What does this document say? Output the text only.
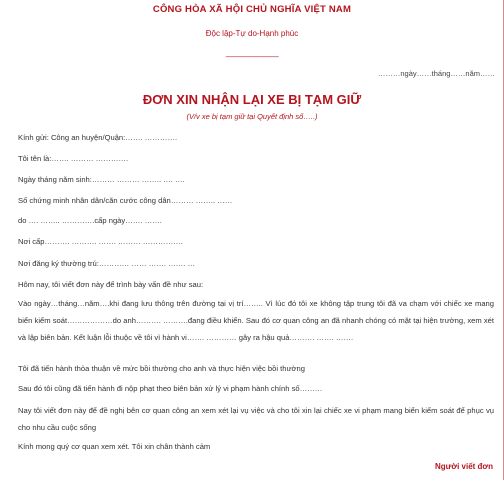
CÔNG HÒA XÃ HỘI CHỦ NGHĨA VIỆT NAM
Độc lập-Tự do-Hạnh phúc
———————
………ngày……tháng……năm……
ĐƠN XIN NHẬN LẠI XE BỊ TẠM GIỮ
(V/v xe bị tạm giữ tại Quyết định số…..)
Kính gửi: Công an huyện/Quận:……. ………….
Tôi tên là:……. ……… ………….
Ngày tháng năm sinh:……… ……… …….. …. ….
Số chứng minh nhân dân/căn cước công dân……… …….. ……
do …. …….. ………….cấp ngày……. …….
Nơi cấp………. ………. ……. ……… …………….
Nơi đăng ký thường trú:………… …… ……. ……. …
Hôm nay, tôi viết đơn này để trình bày vấn đề như sau:
Vào ngày…tháng…năm….khi đang lưu thông trên đường tại vị trí…….. Vì lúc đó tôi xe không tập trung tôi đã va chạm với chiếc xe mang biển kiểm soát………………do anh………. ……….đang điều khiển. Sau đó cơ quan công an đã nhanh chóng có mặt tại hiện trường, xem xét và lập biên bản. Kết luận lỗi thuộc về tôi vì hành vi……. ………… gây ra hậu quả………. ……. …….
Tôi đã tiến hành thỏa thuận về mức bồi thường cho anh và thực hiện việc bồi thường
Sau đó tôi cũng đã tiến hành đi nộp phạt theo biên bản xử lý vi phạm hành chính số………
Nay tôi viết đơn này để đề nghị bên cơ quan công an xem xét lại vụ việc và cho tôi xin lại chiếc xe vi phạm mang biển kiểm soát để phục vụ cho nhu cầu cuộc sống
Kính mong quý cơ quan xem xét. Tôi xin chân thành cảm
Người viết đơn
